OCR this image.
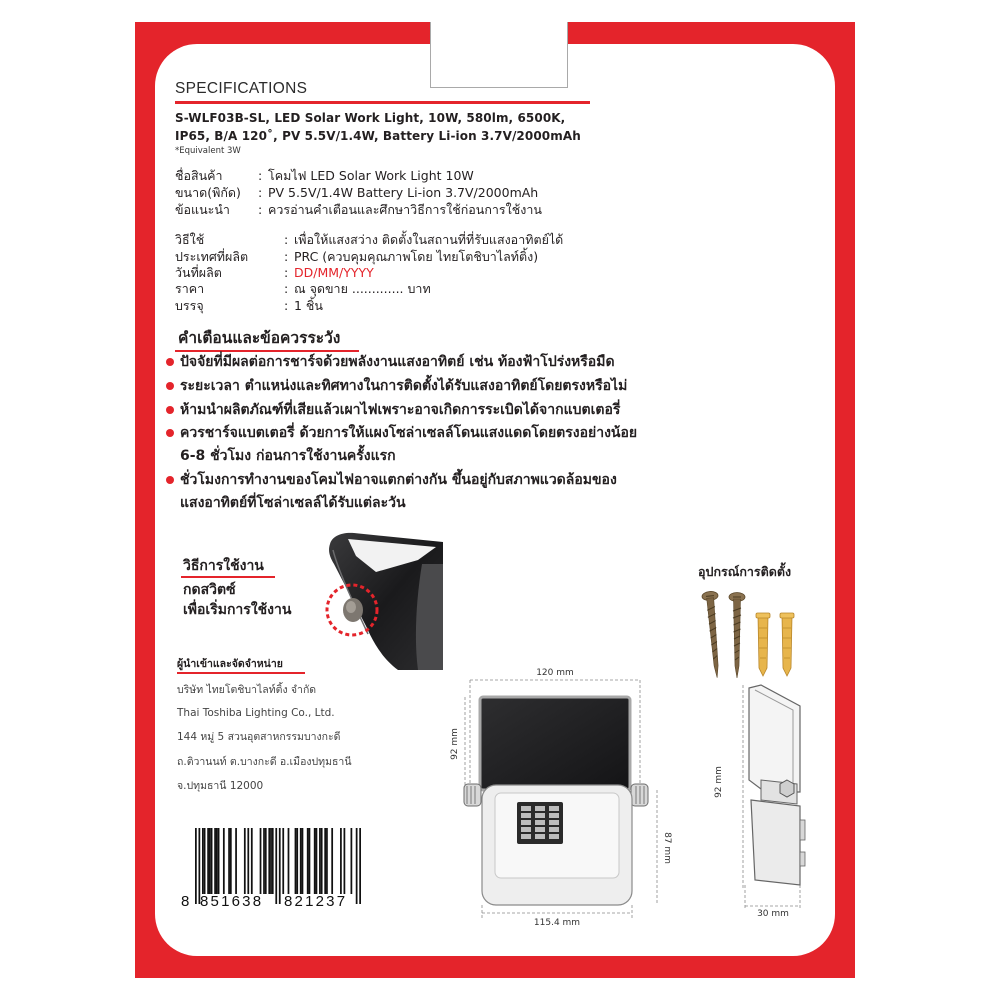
SPECIFICATIONS
S-WLF03B-SL, LED Solar Work Light, 10W, 580lm, 6500K,
IP65, B/A 120˚, PV 5.5V/1.4W, Battery Li-ion 3.7V/2000mAh
*Equivalent 3W
ชื่อสินค้า	: โคมไฟ LED Solar Work Light 10W
ขนาด(พิกัด) : PV 5.5V/1.4W Battery Li-ion 3.7V/2000mAh
ข้อแนะนำ : ควรอ่านคำเตือนและศึกษาวิธีการใช้ก่อนการใช้งาน
วิธีใช้	: เพื่อให้แสงสว่าง ติดตั้งในสถานที่ที่รับแสงอาทิตย์ได้
ประเทศที่ผลิต	: PRC (ควบคุมคุณภาพโดย ไทยโตชิบาไลท์ติ้ง)
วันที่ผลิต	: DD/MM/YYYY
ราคา	: ณ จุดขาย ............. บาท
บรรจุ	: 1 ชิ้น
คำเตือนและข้อควรระวัง
ปัจจัยที่มีผลต่อการชาร์จด้วยพลังงานแสงอาทิตย์ เช่น ท้องฟ้าโปร่งหรือมืด
ระยะเวลา ตำแหน่งและทิศทางในการติดตั้งได้รับแสงอาทิตย์โดยตรงหรือไม่
ห้ามนำผลิตภัณฑ์ที่เสียแล้วเผาไฟเพราะอาจเกิดการระเบิดได้จากแบตเตอรี่
ควรชาร์จแบตเตอรี่ ด้วยการให้แผงโซล่าเซลล์โดนแสงแดดโดยตรงอย่างน้อย
6-8 ชั่วโมง ก่อนการใช้งานครั้งแรก
ชั่วโมงการทำงานของโคมไฟอาจแตกต่างกัน ขึ้นอยู่กับสภาพแวดล้อมของ
แสงอาทิตย์ที่โซล่าเซลล์ได้รับแต่ละวัน
วิธีการใช้งาน
กดสวิตซ์
เพื่อเริ่มการใช้งาน
อุปกรณ์การติดตั้ง
ผู้นำเข้าและจัดจำหน่าย
บริษัท ไทยโตชิบาไลท์ติ้ง จำกัด
Thai Toshiba Lighting Co., Ltd.
144 หมู่ 5 สวนอุตสาหกรรมบางกะดี
ถ.ติวานนท์ ต.บางกะดี อ.เมืองปทุมธานี
จ.ปทุมธานี 12000
8 851638 821237
120 mm
92 mm
87 mm
115.4 mm
92 mm
30 mm
